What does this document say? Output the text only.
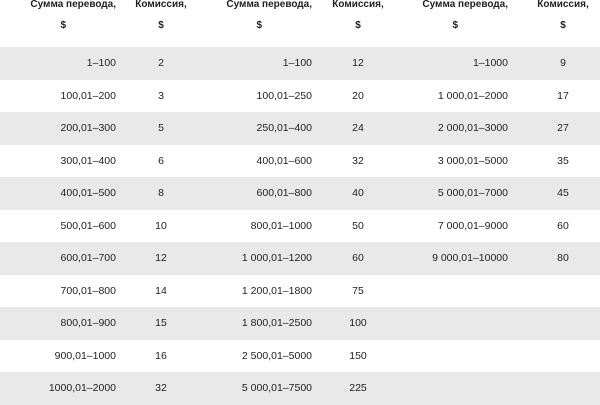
Сумма перевода,	Комиссия,	Сумма перевода,	Комиссия,	Сумма перевода,	Комиссия,
$	$	$	$	$	$
1–100	2	1–100	12	1–1000	9
100,01–200	3	100,01–250	20	1 000,01–2000	17
200,01–300	5	250,01–400	24	2 000,01–3000	27
300,01–400	6	400,01–600	32	3 000,01–5000	35
400,01–500	8	600,01–800	40	5 000,01–7000	45
500,01–600	10	800,01–1000	50	7 000,01–9000	60
600,01–700	12	1 000,01–1200	60	9 000,01–10000	80
700,01–800	14	1 200,01–1800	75		
800,01–900	15	1 800,01–2500	100		
900,01–1000	16	2 500,01–5000	150		
1000,01–2000	32	5 000,01–7500	225		
